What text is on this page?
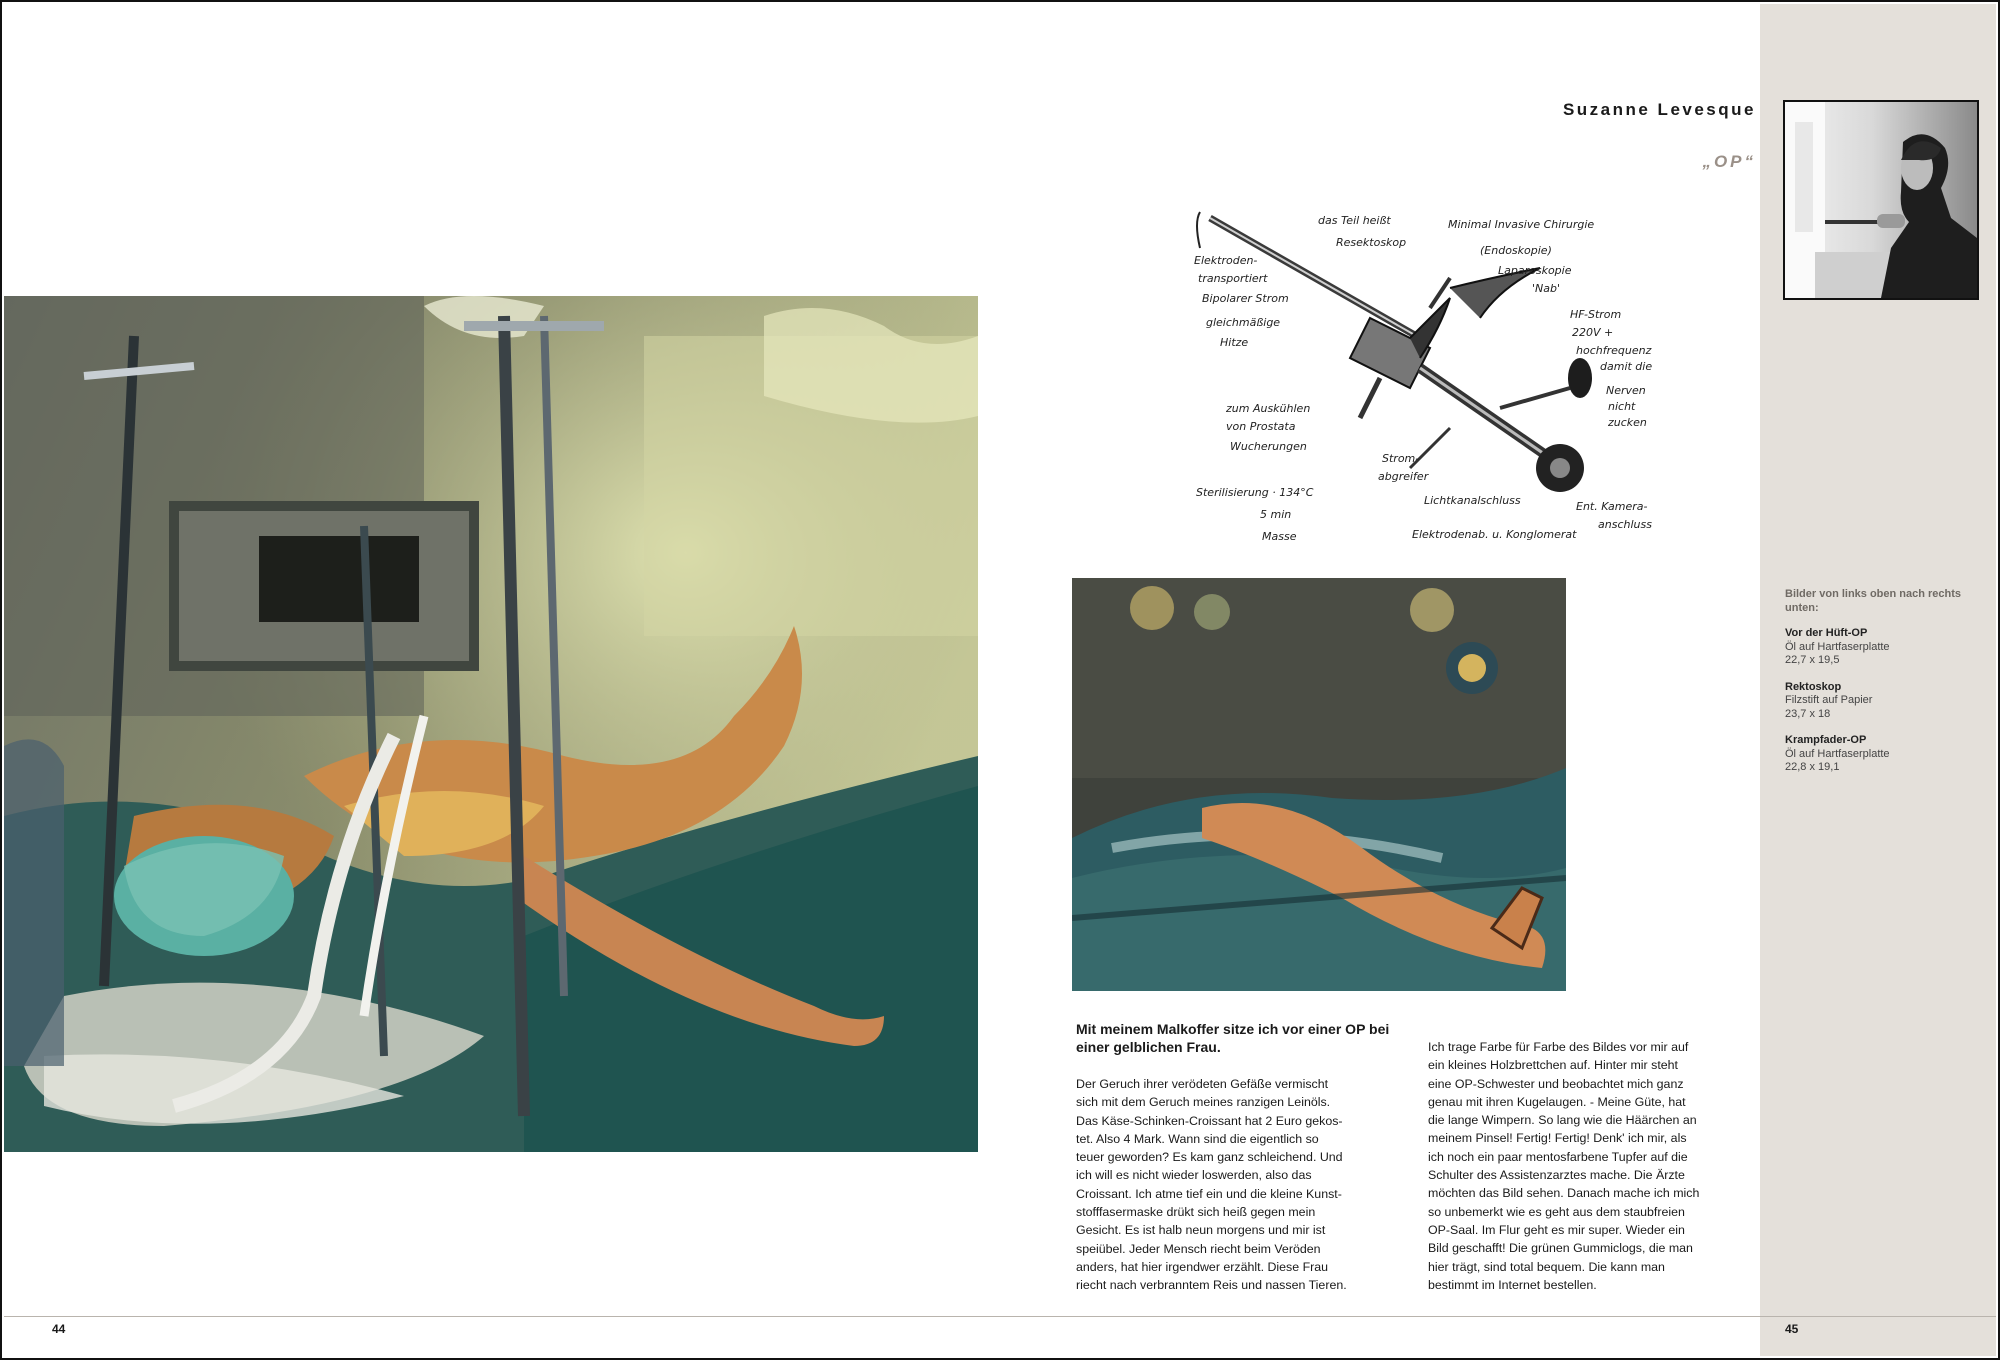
Suzanne Levesque
„OP“
Bilder von links oben nach rechts unten:
Vor der Hüft-OP
Öl auf Hartfaserplatte
22,7 x 19,5
Rektoskop
Filzstift auf Papier
23,7 x 18
Krampfader-OP
Öl auf Hartfaserplatte
22,8 x 19,1
das Teil heißt
Resektoskop
Minimal Invasive Chirurgie
(Endoskopie)
Laparoskopie
'Nab'
Elektroden-
transportiert
Bipolarer Strom
gleichmäßige
Hitze
zum Auskühlen
von Prostata
Wucherungen
HF-Strom
220V +
hochfrequenz
damit die
Nerven
nicht
zucken
Strom-
abgreifer
Sterilisierung · 134°C
5 min
Masse
Lichtkanalschluss
Elektrodenab. u. Konglomerat
Ent. Kamera-
anschluss
Mit meinem Malkoffer sitze ich vor einer OP bei einer gelblichen Frau.
Der Geruch ihrer verödeten Gefäße vermischt
sich mit dem Geruch meines ranzigen Leinöls.
Das Käse-Schinken-Croissant hat 2 Euro gekos-
tet. Also 4 Mark. Wann sind die eigentlich so
teuer geworden? Es kam ganz schleichend. Und
ich will es nicht wieder loswerden, also das
Croissant. Ich atme tief ein und die kleine Kunst-
stofffasermaske drükt sich heiß gegen mein
Gesicht. Es ist halb neun morgens und mir ist
speiübel. Jeder Mensch riecht beim Veröden
anders, hat hier irgendwer erzählt. Diese Frau
riecht nach verbranntem Reis und nassen Tieren.
Ich trage Farbe für Farbe des Bildes vor mir auf
ein kleines Holzbrettchen auf. Hinter mir steht
eine OP-Schwester und beobachtet mich ganz
genau mit ihren Kugelaugen. - Meine Güte, hat
die lange Wimpern. So lang wie die Häärchen an
meinem Pinsel! Fertig! Fertig! Denk' ich mir, als
ich noch ein paar mentosfarbene Tupfer auf die
Schulter des Assistenzarztes mache. Die Ärzte
möchten das Bild sehen. Danach mache ich mich
so unbemerkt wie es geht aus dem staubfreien
OP-Saal. Im Flur geht es mir super. Wieder ein
Bild geschafft! Die grünen Gummiclogs, die man
hier trägt, sind total bequem. Die kann man
bestimmt im Internet bestellen.
44	45
